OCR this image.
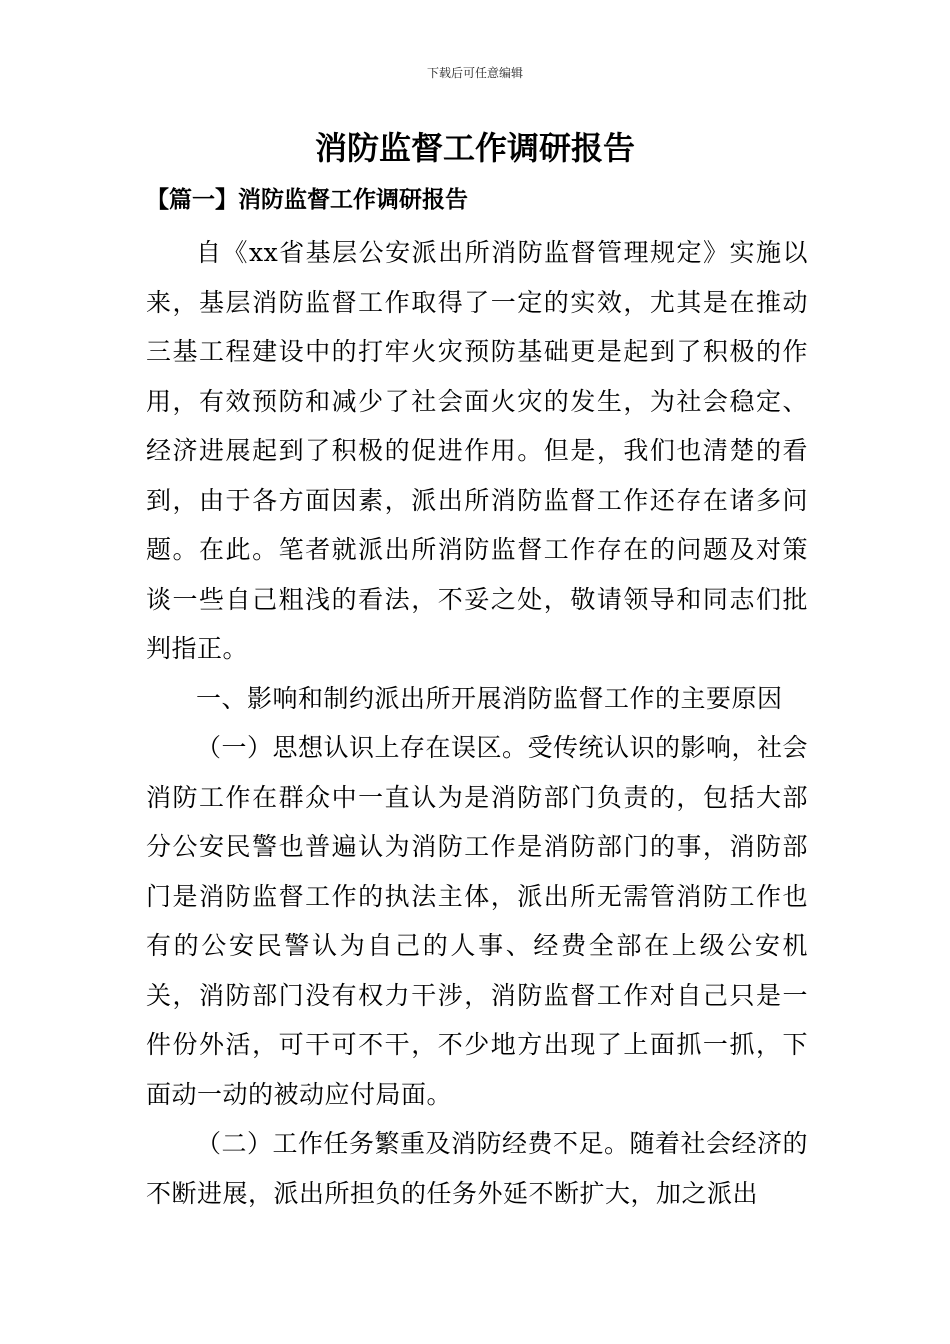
下载后可任意编辑
消防监督工作调研报告
【篇一】消防监督工作调研报告

自《xx省基层公安派出所消防监督管理规定》实施以来，基层消防监督工作取得了一定的实效，尤其是在推动三基工程建设中的打牢火灾预防基础更是起到了积极的作用，有效预防和减少了社会面火灾的发生，为社会稳定、经济进展起到了积极的促进作用。但是，我们也清楚的看到，由于各方面因素，派出所消防监督工作还存在诸多问题。在此。笔者就派出所消防监督工作存在的问题及对策谈一些自己粗浅的看法，不妥之处，敬请领导和同志们批判指正。

一、影响和制约派出所开展消防监督工作的主要原因

（一）思想认识上存在误区。受传统认识的影响，社会消防工作在群众中一直认为是消防部门负责的，包括大部分公安民警也普遍认为消防工作是消防部门的事，消防部门是消防监督工作的执法主体，派出所无需管消防工作也有的公安民警认为自己的人事、经费全部在上级公安机关，消防部门没有权力干涉，消防监督工作对自己只是一件份外活，可干可不干，不少地方出现了上面抓一抓，下面动一动的被动应付局面。

（二）工作任务繁重及消防经费不足。随着社会经济的不断进展，派出所担负的任务外延不断扩大，加之派出
